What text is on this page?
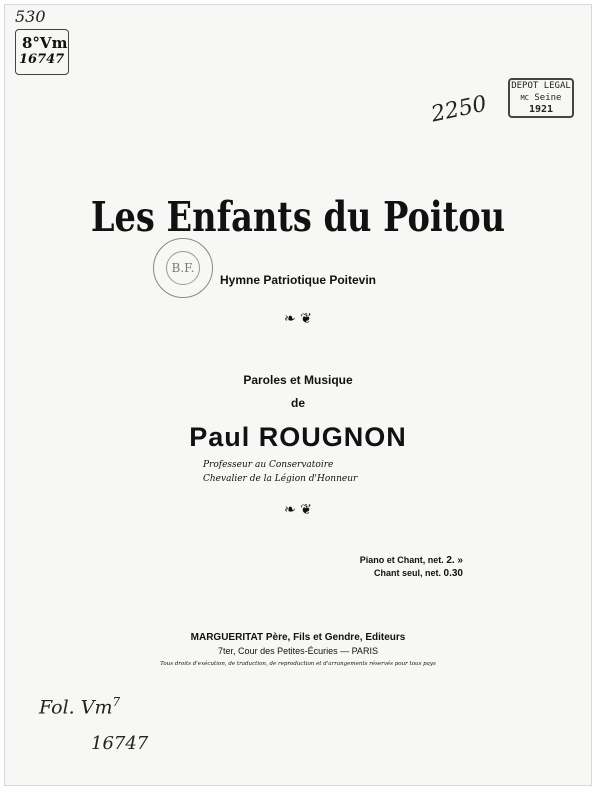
530
8°Vm
16747
2250
DEPOT LEGAL
MC Seine
1921
Les Enfants du Poitou
B.F.
Hymne Patriotique Poitevin
❧ ❦
Paroles et Musique
de
Paul ROUGNON
Professeur au Conservatoire
Chevalier de la Légion d'Honneur
❧ ❦
Piano et Chant, net. 2. »
Chant seul, net. 0.30
MARGUERITAT Père, Fils et Gendre, Editeurs
7ter, Cour des Petites-Écuries — PARIS
Tous droits d'exécution, de traduction, de reproduction et d'arrangements réservés pour tous pays
Fol. Vm$^7$
16747
